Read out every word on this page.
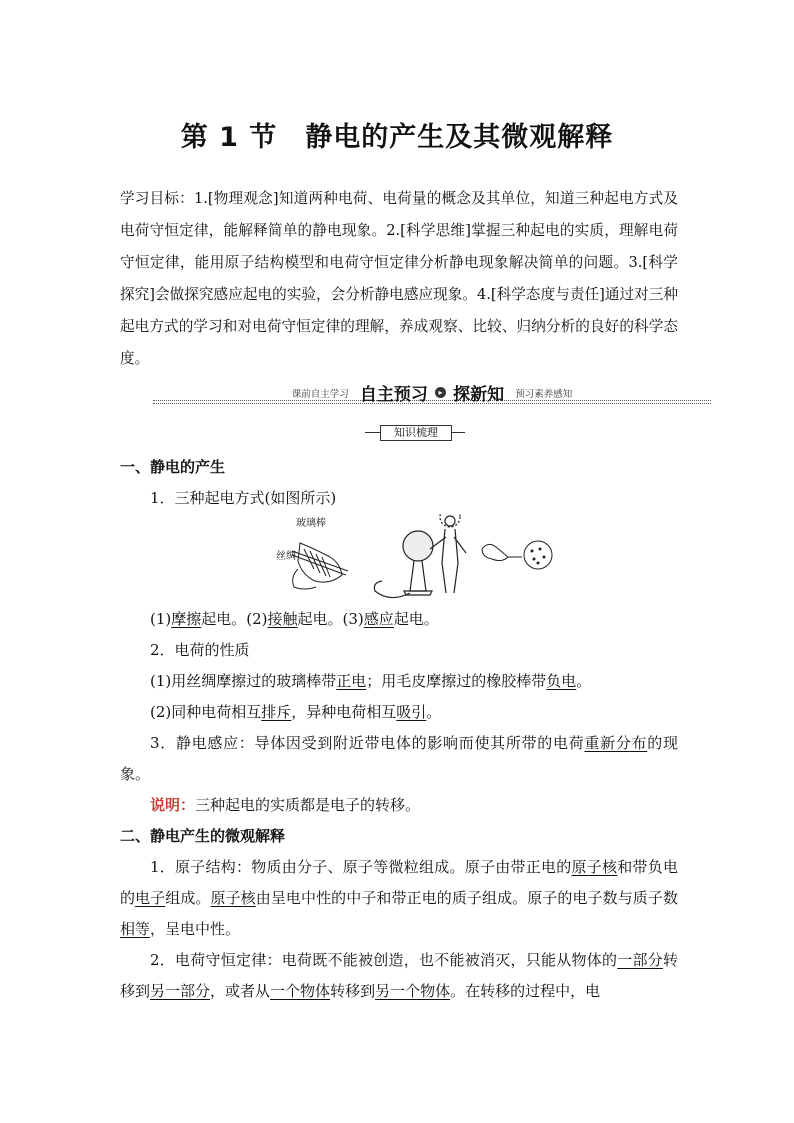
第 1 节　静电的产生及其微观解释
学习目标：1.[物理观念]知道两种电荷、电荷量的概念及其单位，知道三种起电方式及电荷守恒定律，能解释简单的静电现象。2.[科学思维]掌握三种起电的实质，理解电荷守恒定律，能用原子结构模型和电荷守恒定律分析静电现象解决简单的问题。3.[科学探究]会做探究感应起电的实验，会分析静电感应现象。4.[科学态度与责任]通过对三种起电方式的学习和对电荷守恒定律的理解，养成观察、比较、归纳分析的良好的科学态度。
课前自主学习 自主预习 ▸ 探新知 预习素养感知
知识梳理
一、静电的产生
1．三种起电方式(如图所示)
玻璃棒
丝绸
(1)摩擦起电。(2)接触起电。(3)感应起电。
2．电荷的性质
(1)用丝绸摩擦过的玻璃棒带正电；用毛皮摩擦过的橡胶棒带负电。
(2)同种电荷相互排斥，异种电荷相互吸引。
3．静电感应：导体因受到附近带电体的影响而使其所带的电荷重新分布的现象。
说明：三种起电的实质都是电子的转移。
二、静电产生的微观解释
1．原子结构：物质由分子、原子等微粒组成。原子由带正电的原子核和带负电的电子组成。原子核由呈电中性的中子和带正电的质子组成。原子的电子数与质子数相等，呈电中性。
2．电荷守恒定律：电荷既不能被创造，也不能被消灭，只能从物体的一部分转移到另一部分，或者从一个物体转移到另一个物体。在转移的过程中，电
